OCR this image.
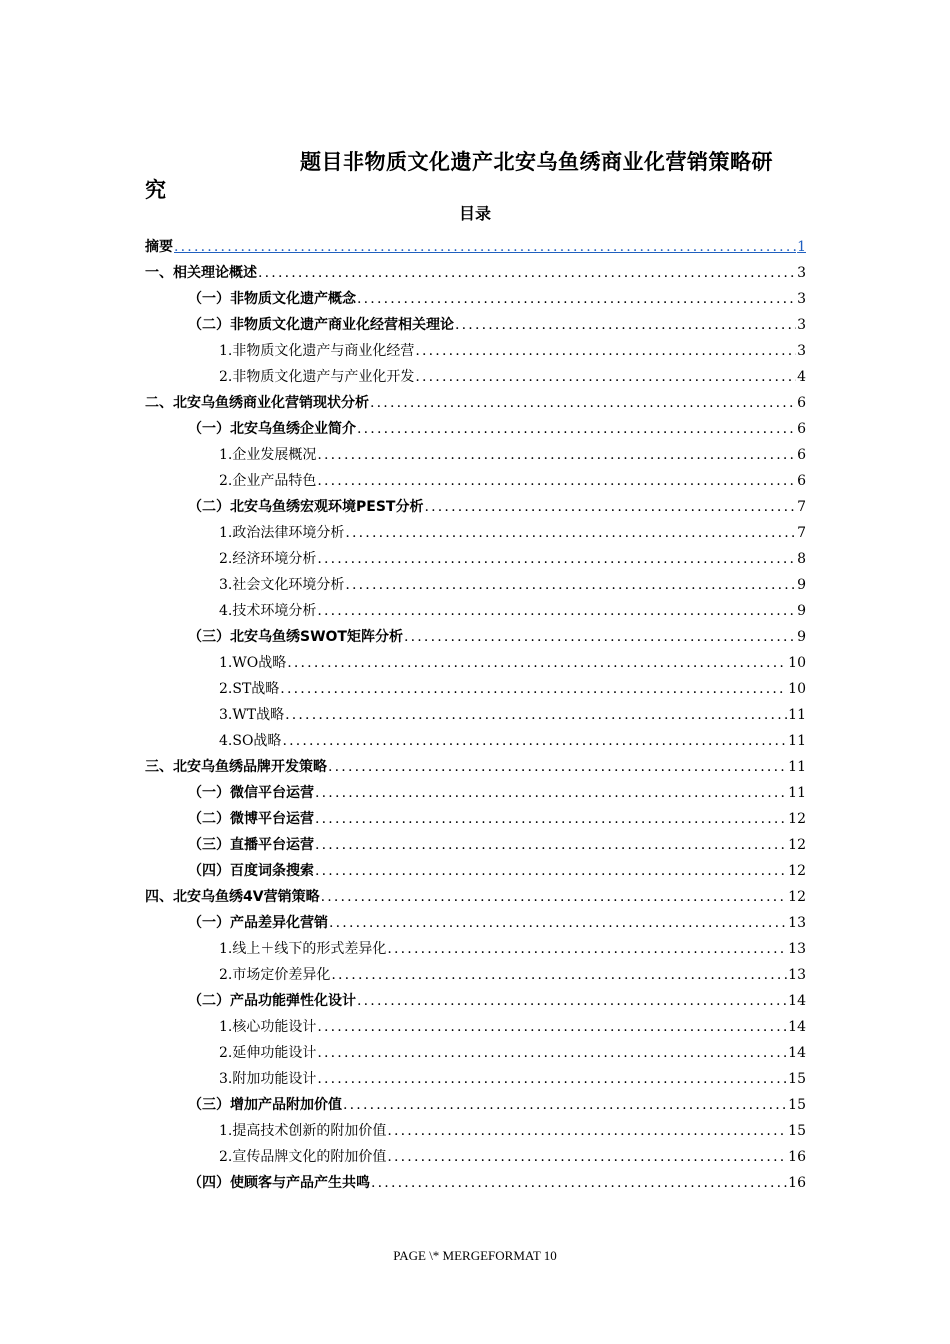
题目非物质文化遗产北安乌鱼绣商业化营销策略研
究
目录
摘要 .....	1
一、相关理论概述 .....	3
（一）非物质文化遗产概念 .....	3
（二）非物质文化遗产商业化经营相关理论 .....	3
1.非物质文化遗产与商业化经营 .....	3
2.非物质文化遗产与产业化开发 .....	4
二、北安乌鱼绣商业化营销现状分析 .....	6
（一）北安乌鱼绣企业简介 .....	6
1.企业发展概况 .....	6
2.企业产品特色 .....	6
（二）北安乌鱼绣宏观环境PEST分析 .....	7
1.政治法律环境分析 .....	7
2.经济环境分析 .....	8
3.社会文化环境分析 .....	9
4.技术环境分析 .....	9
（三）北安乌鱼绣SWOT矩阵分析 .....	9
1.WO战略 .....	10
2.ST战略 .....	10
3.WT战略 .....	11
4.SO战略 .....	11
三、北安乌鱼绣品牌开发策略 .....	11
（一）微信平台运营 .....	11
（二）微博平台运营 .....	12
（三）直播平台运营 .....	12
（四）百度词条搜索 .....	12
四、北安乌鱼绣4V营销策略 .....	12
（一）产品差异化营销 .....	13
1.线上＋线下的形式差异化 .....	13
2.市场定价差异化 .....	13
（二）产品功能弹性化设计 .....	14
1.核心功能设计 .....	14
2.延伸功能设计 .....	14
3.附加功能设计 .....	15
（三）增加产品附加价值 .....	15
1.提高技术创新的附加价值 .....	15
2.宣传品牌文化的附加价值 .....	16
（四）使顾客与产品产生共鸣 .....	16
PAGE \* MERGEFORMAT 10
